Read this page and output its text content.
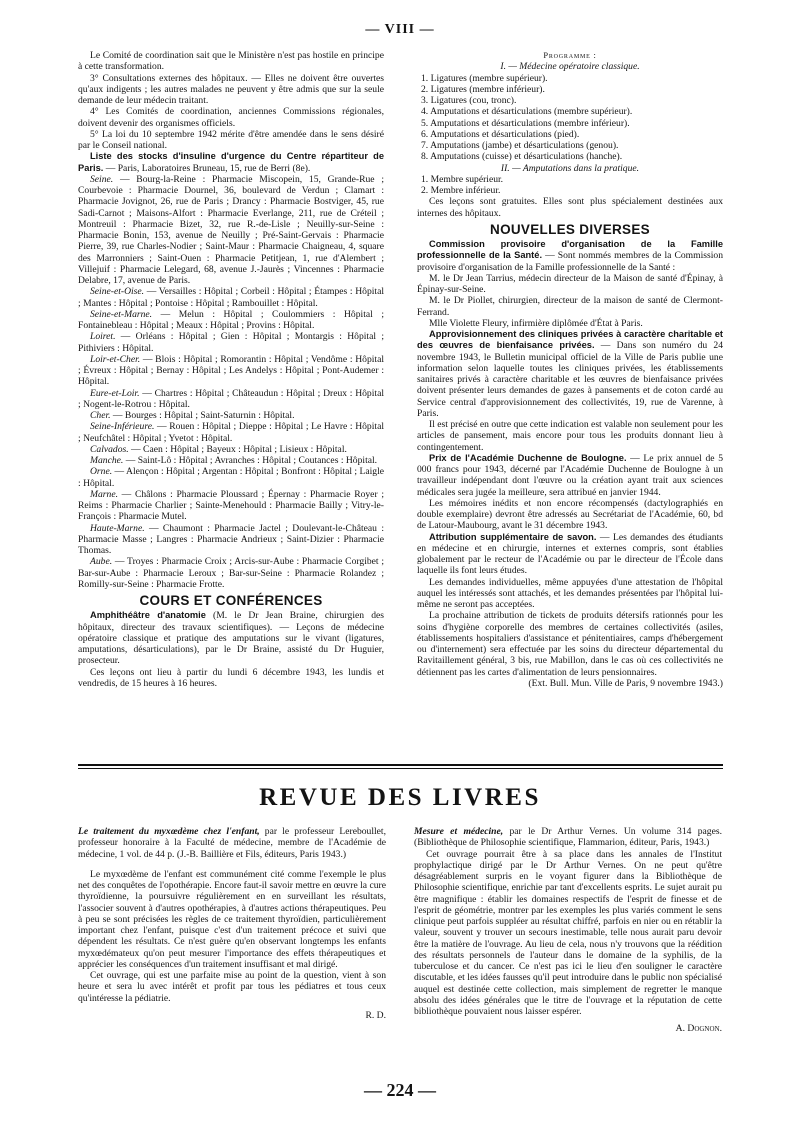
— VIII —

Le Comité de coordination sait que le Ministère n'est pas hostile en principe à cette transformation.

3° Consultations externes des hôpitaux. — Elles ne doivent être ouvertes qu'aux indigents ; les autres malades ne peuvent y être admis que sur la seule demande de leur médecin traitant.

4° Les Comités de coordination, anciennes Commissions régionales, doivent devenir des organismes officiels.

5° La loi du 10 septembre 1942 mérite d'être amendée dans le sens désiré par le Conseil national.

Liste des stocks d'insuline d'urgence du Centre répartiteur de Paris. — Paris, Laboratoires Bruneau, 15, rue de Berri (8e).

Seine. — Bourg-la-Reine : Pharmacie Miscopein, 15, Grande-Rue ; Courbevoie : Pharmacie Dournel, 36, boulevard de Verdun ; Clamart : Pharmacie Jovignot, 26, rue de Paris ; Drancy : Pharmacie Bostviger, 45, rue Sadi-Carnot ; Maisons-Alfort : Pharmacie Everlange, 211, rue de Créteil ; Montreuil : Pharmacie Bizet, 32, rue R.-de-Lisle ; Neuilly-sur-Seine : Pharmacie Bonin, 153, avenue de Neuilly ; Pré-Saint-Gervais : Pharmacie Pierre, 39, rue Charles-Nodier ; Saint-Maur : Pharmacie Chaigneau, 4, square des Marronniers ; Saint-Ouen : Pharmacie Petitjean, 1, rue d'Alembert ; Villejuif : Pharmacie Lelegard, 68, avenue J.-Jaurès ; Vincennes : Pharmacie Delabre, 17, avenue de Paris.

Seine-et-Oise. — Versailles : Hôpital ; Corbeil : Hôpital ; Étampes : Hôpital ; Mantes : Hôpital ; Pontoise : Hôpital ; Rambouillet : Hôpital.

Seine-et-Marne. — Melun : Hôpital ; Coulommiers : Hôpital ; Fontainebleau : Hôpital ; Meaux : Hôpital ; Provins : Hôpital.

Loiret. — Orléans : Hôpital ; Gien : Hôpital ; Montargis : Hôpital ; Pithiviers : Hôpital.

Loir-et-Cher. — Blois : Hôpital ; Romorantin : Hôpital ; Vendôme : Hôpital ; Évreux : Hôpital ; Bernay : Hôpital ; Les Andelys : Hôpital ; Pont-Audemer : Hôpital.

Eure-et-Loir. — Chartres : Hôpital ; Châteaudun : Hôpital ; Dreux : Hôpital ; Nogent-le-Rotrou : Hôpital.

Cher. — Bourges : Hôpital ; Saint-Saturnin : Hôpital.

Seine-Inférieure. — Rouen : Hôpital ; Dieppe : Hôpital ; Le Havre : Hôpital ; Neufchâtel : Hôpital ; Yvetot : Hôpital.

Calvados. — Caen : Hôpital ; Bayeux : Hôpital ; Lisieux : Hôpital.

Manche. — Saint-Lô : Hôpital ; Avranches : Hôpital ; Coutances : Hôpital.

Orne. — Alençon : Hôpital ; Argentan : Hôpital ; Bonfront : Hôpital ; Laigle : Hôpital.

Marne. — Châlons : Pharmacie Ploussard ; Épernay : Pharmacie Royer ; Reims : Pharmacie Charlier ; Sainte-Menehould : Pharmacie Bailly ; Vitry-le-François : Pharmacie Mutel.

Haute-Marne. — Chaumont : Pharmacie Jactel ; Doulevant-le-Château : Pharmacie Masse ; Langres : Pharmacie Andrieux ; Saint-Dizier : Pharmacie Thomas.

Aube. — Troyes : Pharmacie Croix ; Arcis-sur-Aube : Pharmacie Corgibet ; Bar-sur-Aube : Pharmacie Leroux ; Bar-sur-Seine : Pharmacie Rolandez ; Romilly-sur-Seine : Pharmacie Frotte.

COURS ET CONFÉRENCES

Amphithéâtre d'anatomie (M. le Dr Jean Braine, chirurgien des hôpitaux, directeur des travaux scientifiques). — Leçons de médecine opératoire classique et pratique des amputations sur le vivant (ligatures, amputations, désarticulations), par le Dr Braine, assisté du Dr Huguier, prosecteur.

Ces leçons ont lieu à partir du lundi 6 décembre 1943, les lundis et vendredis, de 15 heures à 16 heures.

Programme :
I. — Médecine opératoire classique.

1. Ligatures (membre supérieur).

2. Ligatures (membre inférieur).

3. Ligatures (cou, tronc).

4. Amputations et désarticulations (membre supérieur).

5. Amputations et désarticulations (membre inférieur).

6. Amputations et désarticulations (pied).

7. Amputations (jambe) et désarticulations (genou).

8. Amputations (cuisse) et désarticulations (hanche).

II. — Amputations dans la pratique.

1. Membre supérieur.

2. Membre inférieur.

Ces leçons sont gratuites. Elles sont plus spécialement destinées aux internes des hôpitaux.

NOUVELLES DIVERSES

Commission provisoire d'organisation de la Famille professionnelle de la Santé. — Sont nommés membres de la Commission provisoire d'organisation de la Famille professionnelle de la Santé :

M. le Dr Jean Tarrius, médecin directeur de la Maison de santé d'Épinay, à Épinay-sur-Seine.

M. le Dr Piollet, chirurgien, directeur de la maison de santé de Clermont-Ferrand.

Mlle Violette Fleury, infirmière diplômée d'État à Paris.

Approvisionnement des cliniques privées à caractère charitable et des œuvres de bienfaisance privées. — Dans son numéro du 24 novembre 1943, le Bulletin municipal officiel de la Ville de Paris publie une information selon laquelle toutes les cliniques privées, les établissements sanitaires privés à caractère charitable et les œuvres de bienfaisance privées doivent présenter leurs demandes de gazes à pansements et de coton cardé au Service central d'approvisionnement des collectivités, 19, rue de Varenne, à Paris.

Il est précisé en outre que cette indication est valable non seulement pour les articles de pansement, mais encore pour tous les produits donnant lieu à contingentement.

Prix de l'Académie Duchenne de Boulogne. — Le prix annuel de 5 000 francs pour 1943, décerné par l'Académie Duchenne de Boulogne à un travailleur indépendant dont l'œuvre ou la création ayant trait aux sciences médicales sera jugée la meilleure, sera attribué en janvier 1944.

Les mémoires inédits et non encore récompensés (dactylographiés en double exemplaire) devront être adressés au Secrétariat de l'Académie, 60, bd de Latour-Maubourg, avant le 31 décembre 1943.

Attribution supplémentaire de savon. — Les demandes des étudiants en médecine et en chirurgie, internes et externes compris, sont établies globalement par le recteur de l'Académie ou par le directeur de l'École dans laquelle ils font leurs études.

Les demandes individuelles, même appuyées d'une attestation de l'hôpital auquel les intéressés sont attachés, et les demandes présentées par l'hôpital lui-même ne seront pas acceptées.

La prochaine attribution de tickets de produits détersifs rationnés pour les soins d'hygiène corporelle des membres de certaines collectivités (asiles, établissements hospitaliers d'assistance et pénitentiaires, camps d'hébergement ou d'internement) sera effectuée par les soins du directeur départemental du Ravitaillement général, 3 bis, rue Mabillon, dans le cas où ces collectivités ne détiennent pas les cartes d'alimentation de leurs pensionnaires.

(Ext. Bull. Mun. Ville de Paris, 9 novembre 1943.)
REVUE DES LIVRES

Le traitement du myxœdème chez l'enfant, par le professeur Lereboullet, professeur honoraire à la Faculté de médecine, membre de l'Académie de médecine, 1 vol. de 44 p. (J.-B. Baillière et Fils, éditeurs, Paris 1943.)

Le myxœdème de l'enfant est communément cité comme l'exemple le plus net des conquêtes de l'opothérapie. Encore faut-il savoir mettre en œuvre la cure thyroïdienne, la poursuivre régulièrement en en surveillant les résultats, l'associer souvent à d'autres opothérapies, à d'autres actions thérapeutiques. Peu à peu se sont précisées les règles de ce traitement thyroïdien, particulièrement important chez l'enfant, puisque c'est d'un traitement précoce et suivi que dépendent les résultats. Ce n'est guère qu'en observant longtemps les enfants myxœdémateux qu'on peut mesurer l'importance des effets thérapeutiques et apprécier les conséquences d'un traitement insuffisant et mal dirigé.

Cet ouvrage, qui est une parfaite mise au point de la question, vient à son heure et sera lu avec intérêt et profit par tous les pédiatres et tous ceux qu'intéresse la pédiatrie.

R. D.

Mesure et médecine, par le Dr Arthur Vernes. Un volume 314 pages. (Bibliothèque de Philosophie scientifique, Flammarion, éditeur, Paris, 1943.)

Cet ouvrage pourrait être à sa place dans les annales de l'Institut prophylactique dirigé par le Dr Arthur Vernes. On ne peut qu'être désagréablement surpris en le voyant figurer dans la Bibliothèque de Philosophie scientifique, enrichie par tant d'excellents esprits. Le sujet aurait pu être magnifique : établir les domaines respectifs de l'esprit de finesse et de l'esprit de géométrie, montrer par les exemples les plus variés comment le sens clinique peut parfois suppléer au résultat chiffré, parfois en nier ou en rétablir la valeur, souvent y trouver un secours inestimable, telle nous aurait paru devoir être la matière de l'ouvrage. Au lieu de cela, nous n'y trouvons que la réédition des résultats personnels de l'auteur dans le domaine de la syphilis, de la tuberculose et du cancer. Ce n'est pas ici le lieu d'en souligner le caractère discutable, et les idées fausses qu'il peut introduire dans le public non spécialisé auquel est destinée cette collection, mais simplement de regretter le manque absolu des idées générales que le titre de l'ouvrage et la réputation de cette bibliothèque pouvaient nous laisser espérer.

A. Dognon.
— 224 —
